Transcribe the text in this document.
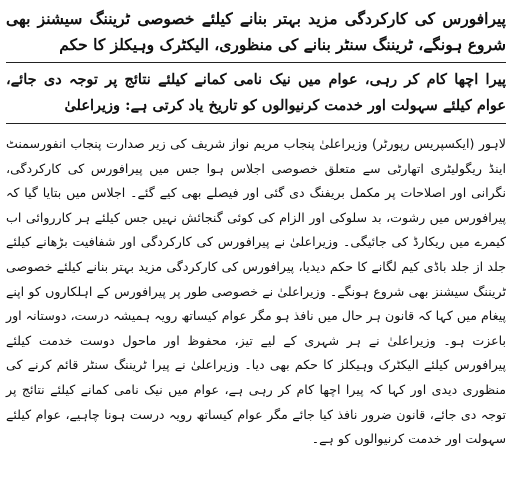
پیرافورس کی کارکردگی مزید بہتر بنانے کیلئے خصوصی ٹریننگ سیشنز بھی شروع ہونگے، ٹریننگ سنٹر بنانے کی منظوری، الیکٹرک وہیکلز کا حکم
پیرا اچھا کام کر رہی، عوام میں نیک نامی کمانے کیلئے نتائج پر توجہ دی جائے، عوام کیلئے سہولت اور خدمت کرنیوالوں کو تاریخ یاد کرتی ہے: وزیراعلیٰ

لاہور (ایکسپریس رپورٹر) وزیراعلیٰ پنجاب مریم نواز شریف کی زیر صدارت پنجاب انفورسمنٹ اینڈ ریگولیٹری اتھارٹی سے متعلق خصوصی اجلاس ہوا جس میں پیرافورس کی کارکردگی، نگرانی اور اصلاحات پر مکمل بریفنگ دی گئی اور فیصلے بھی کیے گئے۔ اجلاس میں بتایا گیا کہ پیرافورس میں رشوت، بد سلوکی اور الزام کی کوئی گنجائش نہیں جس کیلئے ہر کارروائی اب کیمرے میں ریکارڈ کی جائیگی۔ وزیراعلیٰ نے پیرافورس کی کارکردگی اور شفافیت بڑھانے کیلئے جلد از جلد باڈی کیم لگانے کا حکم دیدیا، پیرافورس کی کارکردگی مزید بہتر بنانے کیلئے خصوصی ٹریننگ سیشنز بھی شروع ہونگے۔ وزیراعلیٰ نے خصوصی طور پر پیرافورس کے اہلکاروں کو اپنے پیغام میں کہا کہ قانون ہر حال میں نافذ ہو مگر عوام کیساتھ رویہ ہمیشہ درست، دوستانہ اور باعزت ہو۔ وزیراعلیٰ نے ہر شہری کے لیے تیز، محفوظ اور ماحول دوست خدمت کیلئے پیرافورس کیلئے الیکٹرک وہیکلز کا حکم بھی دیا۔ وزیراعلیٰ نے پیرا ٹریننگ سنٹر قائم کرنے کی منظوری دیدی اور کہا کہ پیرا اچھا کام کر رہی ہے، عوام میں نیک نامی کمانے کیلئے نتائج پر توجہ دی جائے، قانون ضرور نافذ کیا جائے مگر عوام کیساتھ رویہ درست ہونا چاہیے، عوام کیلئے سہولت اور خدمت کرنیوالوں کو ہے۔
